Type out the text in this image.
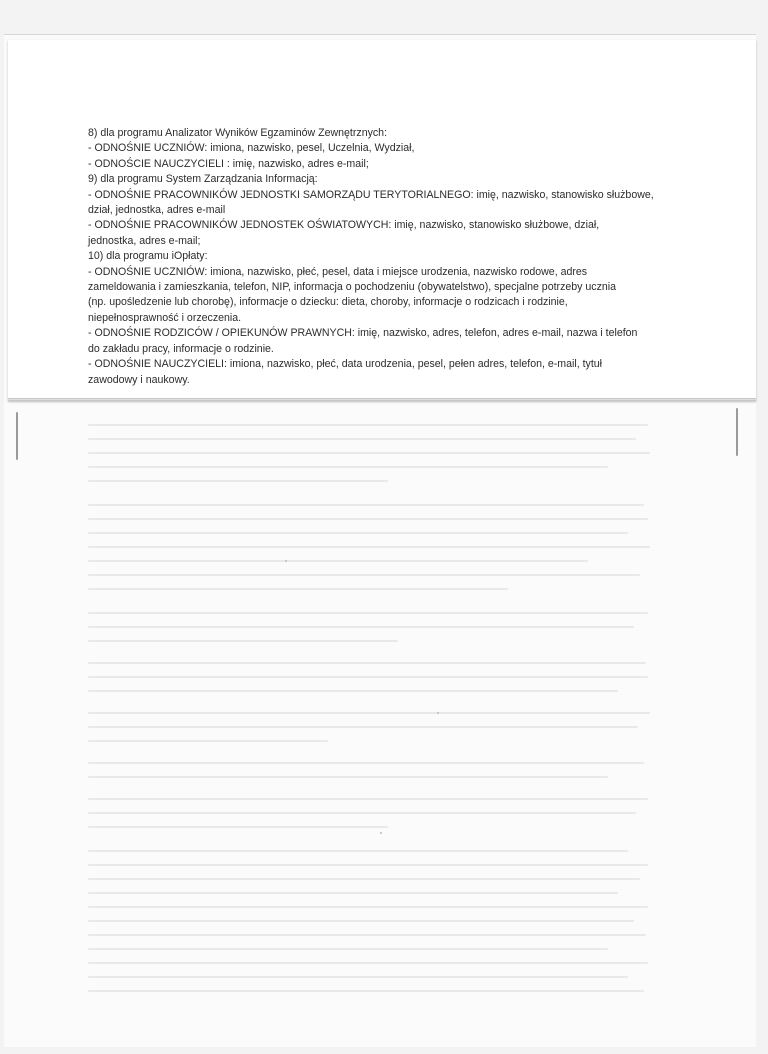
8) dla programu Analizator Wyników Egzaminów Zewnętrznych:
- ODNOŚNIE UCZNIÓW: imiona, nazwisko, pesel, Uczelnia, Wydział,
- ODNOŚCIE NAUCZYCIELI : imię, nazwisko, adres e-mail;
9) dla programu System Zarządzania Informacją:
- ODNOŚNIE PRACOWNIKÓW JEDNOSTKI SAMORZĄDU TERYTORIALNEGO: imię, nazwisko, stanowisko służbowe,
dział, jednostka, adres e-mail
- ODNOŚNIE PRACOWNIKÓW JEDNOSTEK OŚWIATOWYCH: imię, nazwisko, stanowisko służbowe, dział,
jednostka, adres e-mail;
10) dla programu iOpłaty:
- ODNOŚNIE UCZNIÓW: imiona, nazwisko, płeć, pesel, data i miejsce urodzenia, nazwisko rodowe, adres
zameldowania i zamieszkania, telefon, NIP, informacja o pochodzeniu (obywatelstwo), specjalne potrzeby ucznia
(np. upośledzenie lub chorobę), informacje o dziecku: dieta, choroby, informacje o rodzicach i rodzinie,
niepełnosprawność i orzeczenia.
- ODNOŚNIE RODZICÓW / OPIEKUNÓW PRAWNYCH: imię, nazwisko, adres, telefon, adres e-mail, nazwa i telefon
do zakładu pracy, informacje o rodzinie.
- ODNOŚNIE NAUCZYCIELI: imiona, nazwisko, płeć, data urodzenia, pesel, pełen adres, telefon, e-mail, tytuł
zawodowy i naukowy.
